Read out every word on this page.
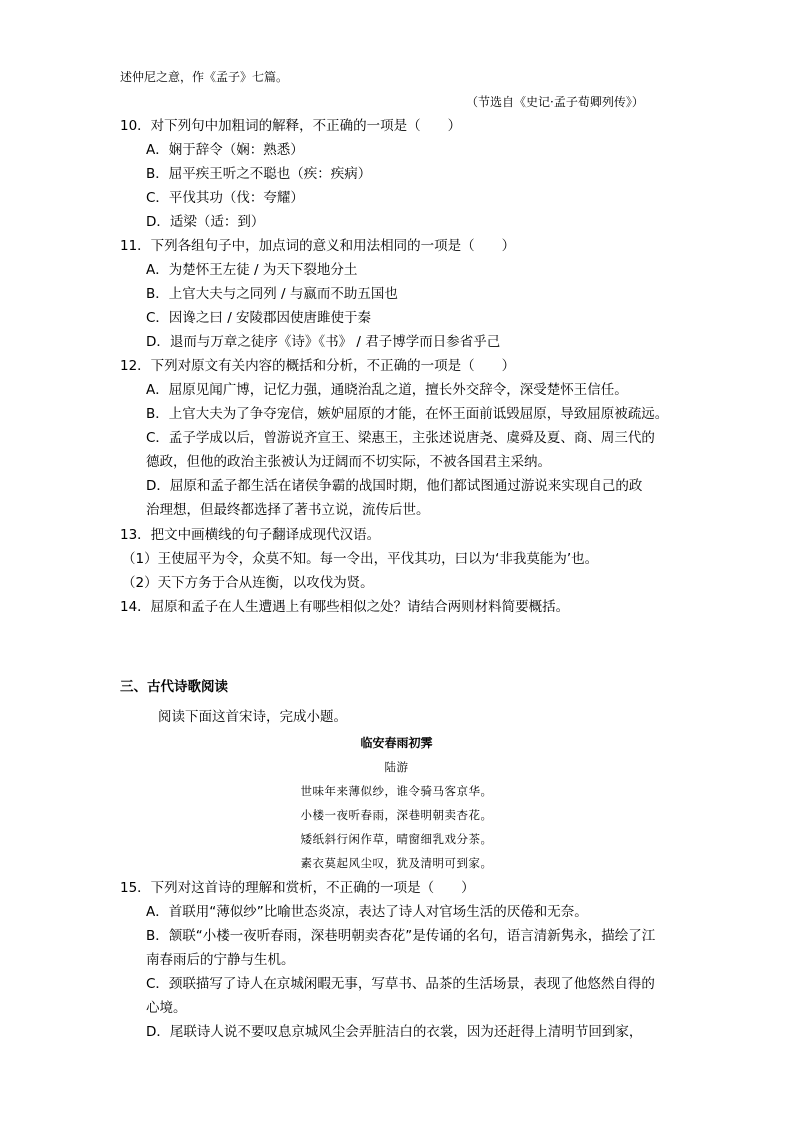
述仲尼之意，作《孟子》七篇。
（节选自《史记·孟子荀卿列传》）
10．对下列句中加粗词的解释，不正确的一项是（　　）
A．娴于辞令（娴：熟悉）
B．屈平疾王听之不聪也（疾：疾病）
C．平伐其功（伐：夸耀）
D．适梁（适：到）
11．下列各组句子中，加点词的意义和用法相同的一项是（　　）
A．为楚怀王左徒 / 为天下裂地分土
B．上官大夫与之同列 / 与嬴而不助五国也
C．因谗之曰 / 安陵郡因使唐雎使于秦
D．退而与万章之徒序《诗》《书》 / 君子博学而日参省乎己
12．下列对原文有关内容的概括和分析，不正确的一项是（　　）
A．屈原见闻广博，记忆力强，通晓治乱之道，擅长外交辞令，深受楚怀王信任。
B．上官大夫为了争夺宠信，嫉妒屈原的才能，在怀王面前诋毁屈原，导致屈原被疏远。
C．孟子学成以后，曾游说齐宣王、梁惠王，主张述说唐尧、虞舜及夏、商、周三代的
德政，但他的政治主张被认为迂阔而不切实际，不被各国君主采纳。
D．屈原和孟子都生活在诸侯争霸的战国时期，他们都试图通过游说来实现自己的政
治理想，但最终都选择了著书立说，流传后世。
13．把文中画横线的句子翻译成现代汉语。
（1）王使屈平为令，众莫不知。每一令出，平伐其功，曰以为‘非我莫能为’也。
（2）天下方务于合从连衡，以攻伐为贤。
14．屈原和孟子在人生遭遇上有哪些相似之处？请结合两则材料简要概括。
三、古代诗歌阅读
阅读下面这首宋诗，完成小题。
临安春雨初霁
陆游
世味年来薄似纱，谁令骑马客京华。
小楼一夜听春雨，深巷明朝卖杏花。
矮纸斜行闲作草，晴窗细乳戏分茶。
素衣莫起风尘叹，犹及清明可到家。
15．下列对这首诗的理解和赏析，不正确的一项是（　　）
A．首联用“薄似纱”比喻世态炎凉，表达了诗人对官场生活的厌倦和无奈。
B．颔联“小楼一夜听春雨，深巷明朝卖杏花”是传诵的名句，语言清新隽永，描绘了江
南春雨后的宁静与生机。
C．颈联描写了诗人在京城闲暇无事，写草书、品茶的生活场景，表现了他悠然自得的
心境。
D．尾联诗人说不要叹息京城风尘会弄脏洁白的衣裳，因为还赶得上清明节回到家，
